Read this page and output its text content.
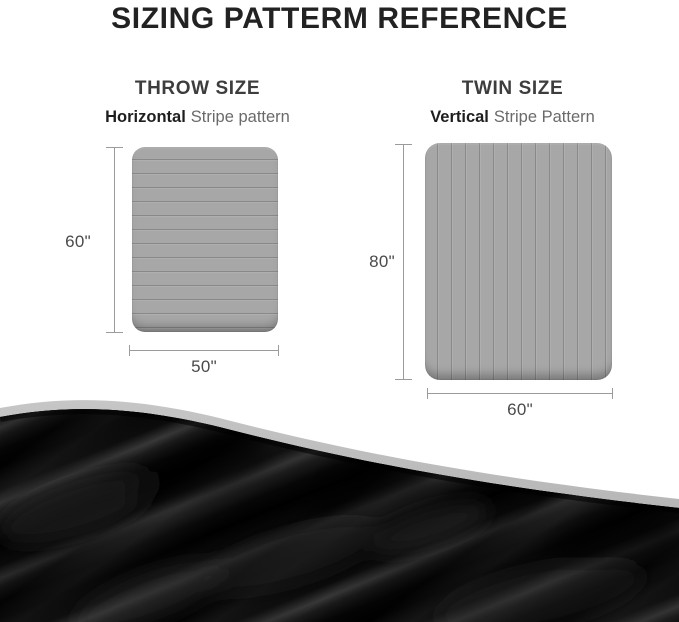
SIZING PATTERM REFERENCE
THROW SIZE

Horizontal Stripe pattern

TWIN SIZE

Vertical Stripe Pattern

60"
50"
80"
60"
